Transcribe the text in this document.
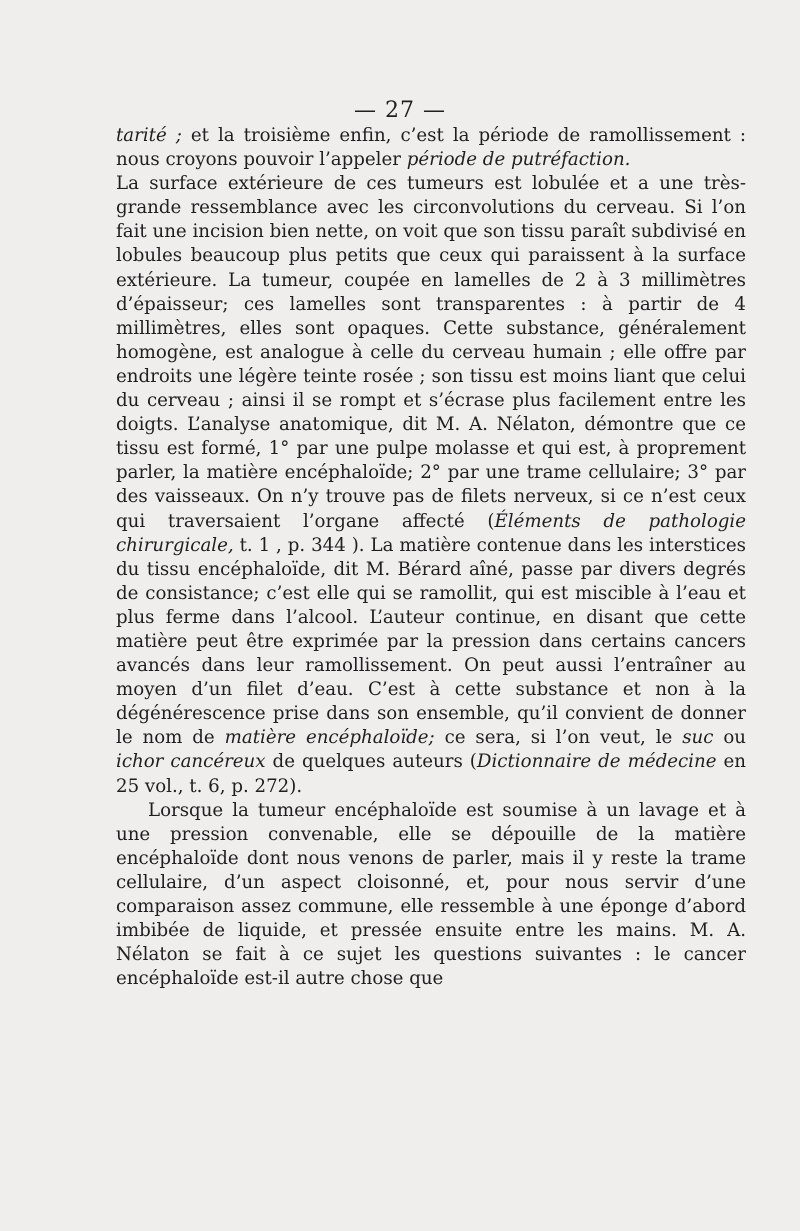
— 27 —

tarité ; et la troisième enfin, c’est la période de ramollissement : nous croyons pouvoir l’appeler période de putréfaction.

La surface extérieure de ces tumeurs est lobulée et a une très-grande ressemblance avec les circonvolutions du cerveau. Si l’on fait une incision bien nette, on voit que son tissu paraît subdivisé en lobules beaucoup plus petits que ceux qui paraissent à la surface extérieure. La tumeur, coupée en lamelles de 2 à 3 millimètres d’épaisseur; ces lamelles sont transparentes : à partir de 4 millimètres, elles sont opaques. Cette substance, généralement homogène, est analogue à celle du cerveau humain ; elle offre par endroits une légère teinte rosée ; son tissu est moins liant que celui du cerveau ; ainsi il se rompt et s’écrase plus facilement entre les doigts. L’analyse anatomique, dit M. A. Nélaton, démontre que ce tissu est formé, 1° par une pulpe molasse et qui est, à proprement parler, la matière encéphaloïde; 2° par une trame cellulaire; 3° par des vaisseaux. On n’y trouve pas de filets nerveux, si ce n’est ceux qui traversaient l’organe affecté (Éléments de pathologie chirurgicale, t. 1 , p. 344 ). La matière contenue dans les interstices du tissu encéphaloïde, dit M. Bérard aîné, passe par divers degrés de consistance; c’est elle qui se ramollit, qui est miscible à l’eau et plus ferme dans l’alcool. L’auteur continue, en disant que cette matière peut être exprimée par la pression dans certains cancers avancés dans leur ramollissement. On peut aussi l’entraîner au moyen d’un filet d’eau. C’est à cette substance et non à la dégénérescence prise dans son ensemble, qu’il convient de donner le nom de matière encéphaloïde; ce sera, si l’on veut, le suc ou ichor cancéreux de quelques auteurs (Dictionnaire de médecine en 25 vol., t. 6, p. 272).

Lorsque la tumeur encéphaloïde est soumise à un lavage et à une pression convenable, elle se dépouille de la matière encéphaloïde dont nous venons de parler, mais il y reste la trame cellulaire, d’un aspect cloisonné, et, pour nous servir d’une comparaison assez commune, elle ressemble à une éponge d’abord imbibée de liquide, et pressée ensuite entre les mains. M. A. Nélaton se fait à ce sujet les questions suivantes : le cancer encéphaloïde est-il autre chose que
